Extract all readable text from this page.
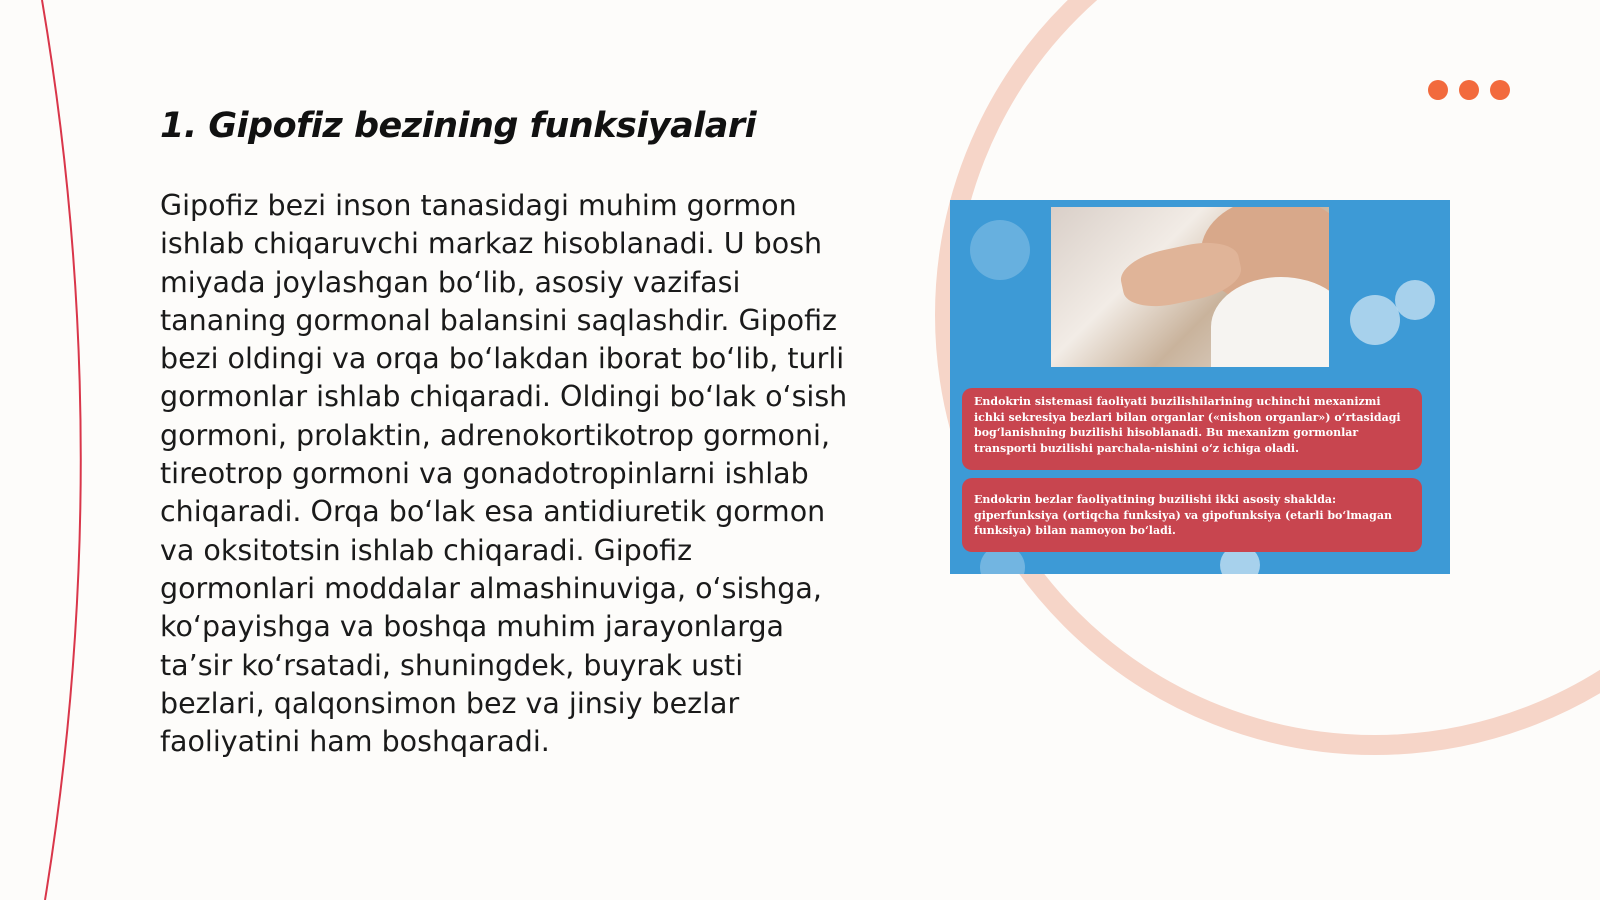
1. Gipofiz bezining funksiyalari

Gipofiz bezi inson tanasidagi muhim gormon ishlab chiqaruvchi markaz hisoblanadi. U bosh miyada joylashgan bo‘lib, asosiy vazifasi tananing gormonal balansini saqlashdir. Gipofiz bezi oldingi va orqa bo‘lakdan iborat bo‘lib, turli gormonlar ishlab chiqaradi. Oldingi bo‘lak o‘sish gormoni, prolaktin, adrenokortikotrop gormoni, tireotrop gormoni va gonadotropinlarni ishlab chiqaradi. Orqa bo‘lak esa antidiuretik gormon va oksitotsin ishlab chiqaradi. Gipofiz gormonlari moddalar almashinuviga, o‘sishga, ko‘payishga va boshqa muhim jarayonlarga ta’sir ko‘rsatadi, shuningdek, buyrak usti bezlari, qalqonsimon bez va jinsiy bezlar faoliyatini ham boshqaradi.

Endokrin sistemasi faoliyati buzilishilarining uchinchi mexanizmi ichki sekresiya bezlari bilan organlar («nishon organlar») o‘rtasidagi bog‘lanishning buzilishi hisoblanadi. Bu mexanizm gormonlar transporti buzilishi parchala-nishini o‘z ichiga oladi.
Endokrin bezlar faoliyatining buzilishi ikki asosiy shaklda: giperfunksiya (ortiqcha funksiya) va gipofunksiya (etarli bo‘lmagan funksiya) bilan namoyon bo‘ladi.
